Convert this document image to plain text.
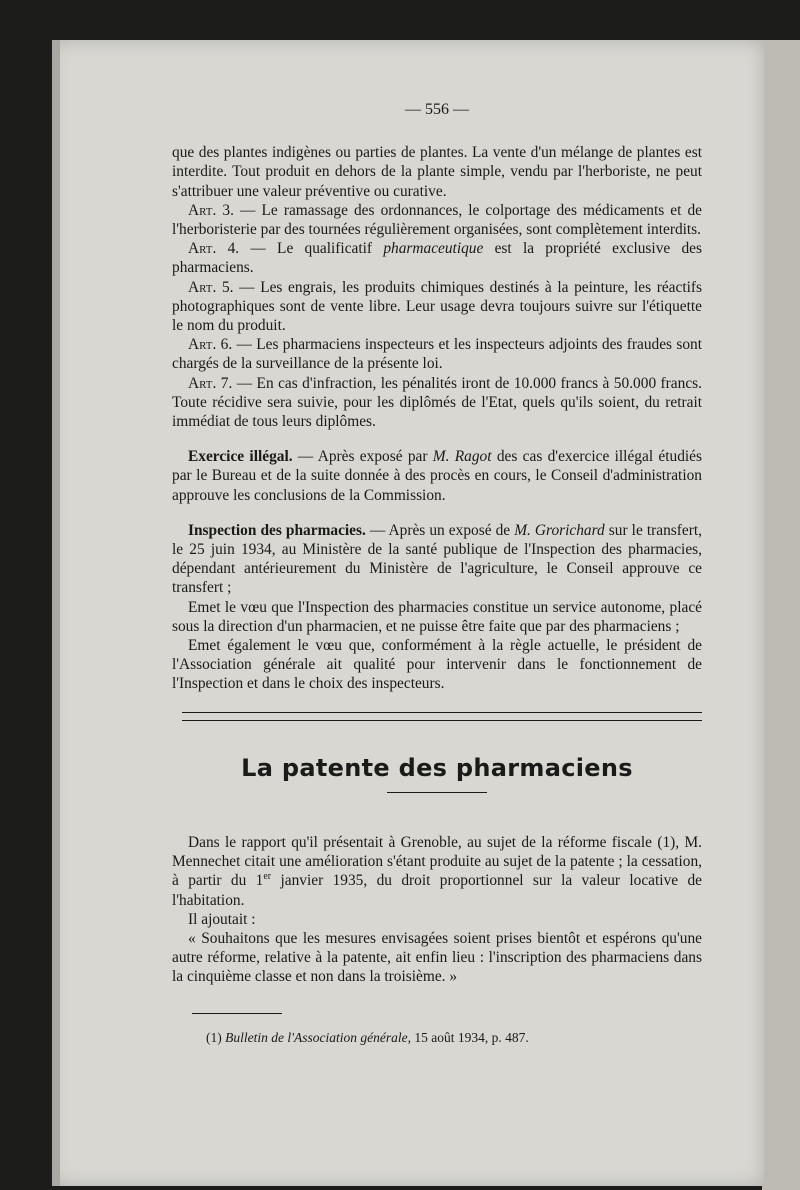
— 556 —

que des plantes indigènes ou parties de plantes. La vente d'un mélange de plantes est interdite. Tout produit en dehors de la plante simple, vendu par l'herboriste, ne peut s'attribuer une valeur préventive ou curative.

Art. 3. — Le ramassage des ordonnances, le colportage des médicaments et de l'herboristerie par des tournées régulièrement organisées, sont complètement interdits.

Art. 4. — Le qualificatif pharmaceutique est la propriété exclusive des pharmaciens.

Art. 5. — Les engrais, les produits chimiques destinés à la peinture, les réactifs photographiques sont de vente libre. Leur usage devra toujours suivre sur l'étiquette le nom du produit.

Art. 6. — Les pharmaciens inspecteurs et les inspecteurs adjoints des fraudes sont chargés de la surveillance de la présente loi.

Art. 7. — En cas d'infraction, les pénalités iront de 10.000 francs à 50.000 francs. Toute récidive sera suivie, pour les diplômés de l'Etat, quels qu'ils soient, du retrait immédiat de tous leurs diplômes.

Exercice illégal. — Après exposé par M. Ragot des cas d'exercice illégal étudiés par le Bureau et de la suite donnée à des procès en cours, le Conseil d'administration approuve les conclusions de la Commission.

Inspection des pharmacies. — Après un exposé de M. Grorichard sur le transfert, le 25 juin 1934, au Ministère de la santé publique de l'Inspection des pharmacies, dépendant antérieurement du Ministère de l'agriculture, le Conseil approuve ce transfert ;

Emet le vœu que l'Inspection des pharmacies constitue un service autonome, placé sous la direction d'un pharmacien, et ne puisse être faite que par des pharmaciens ;

Emet également le vœu que, conformément à la règle actuelle, le président de l'Association générale ait qualité pour intervenir dans le fonctionnement de l'Inspection et dans le choix des inspecteurs.

La patente des pharmaciens

Dans le rapport qu'il présentait à Grenoble, au sujet de la réforme fiscale (1), M. Mennechet citait une amélioration s'étant produite au sujet de la patente ; la cessation, à partir du 1er janvier 1935, du droit proportionnel sur la valeur locative de l'habitation.

Il ajoutait :

« Souhaitons que les mesures envisagées soient prises bientôt et espérons qu'une autre réforme, relative à la patente, ait enfin lieu : l'inscription des pharmaciens dans la cinquième classe et non dans la troisième. »

(1) Bulletin de l'Association générale, 15 août 1934, p. 487.
